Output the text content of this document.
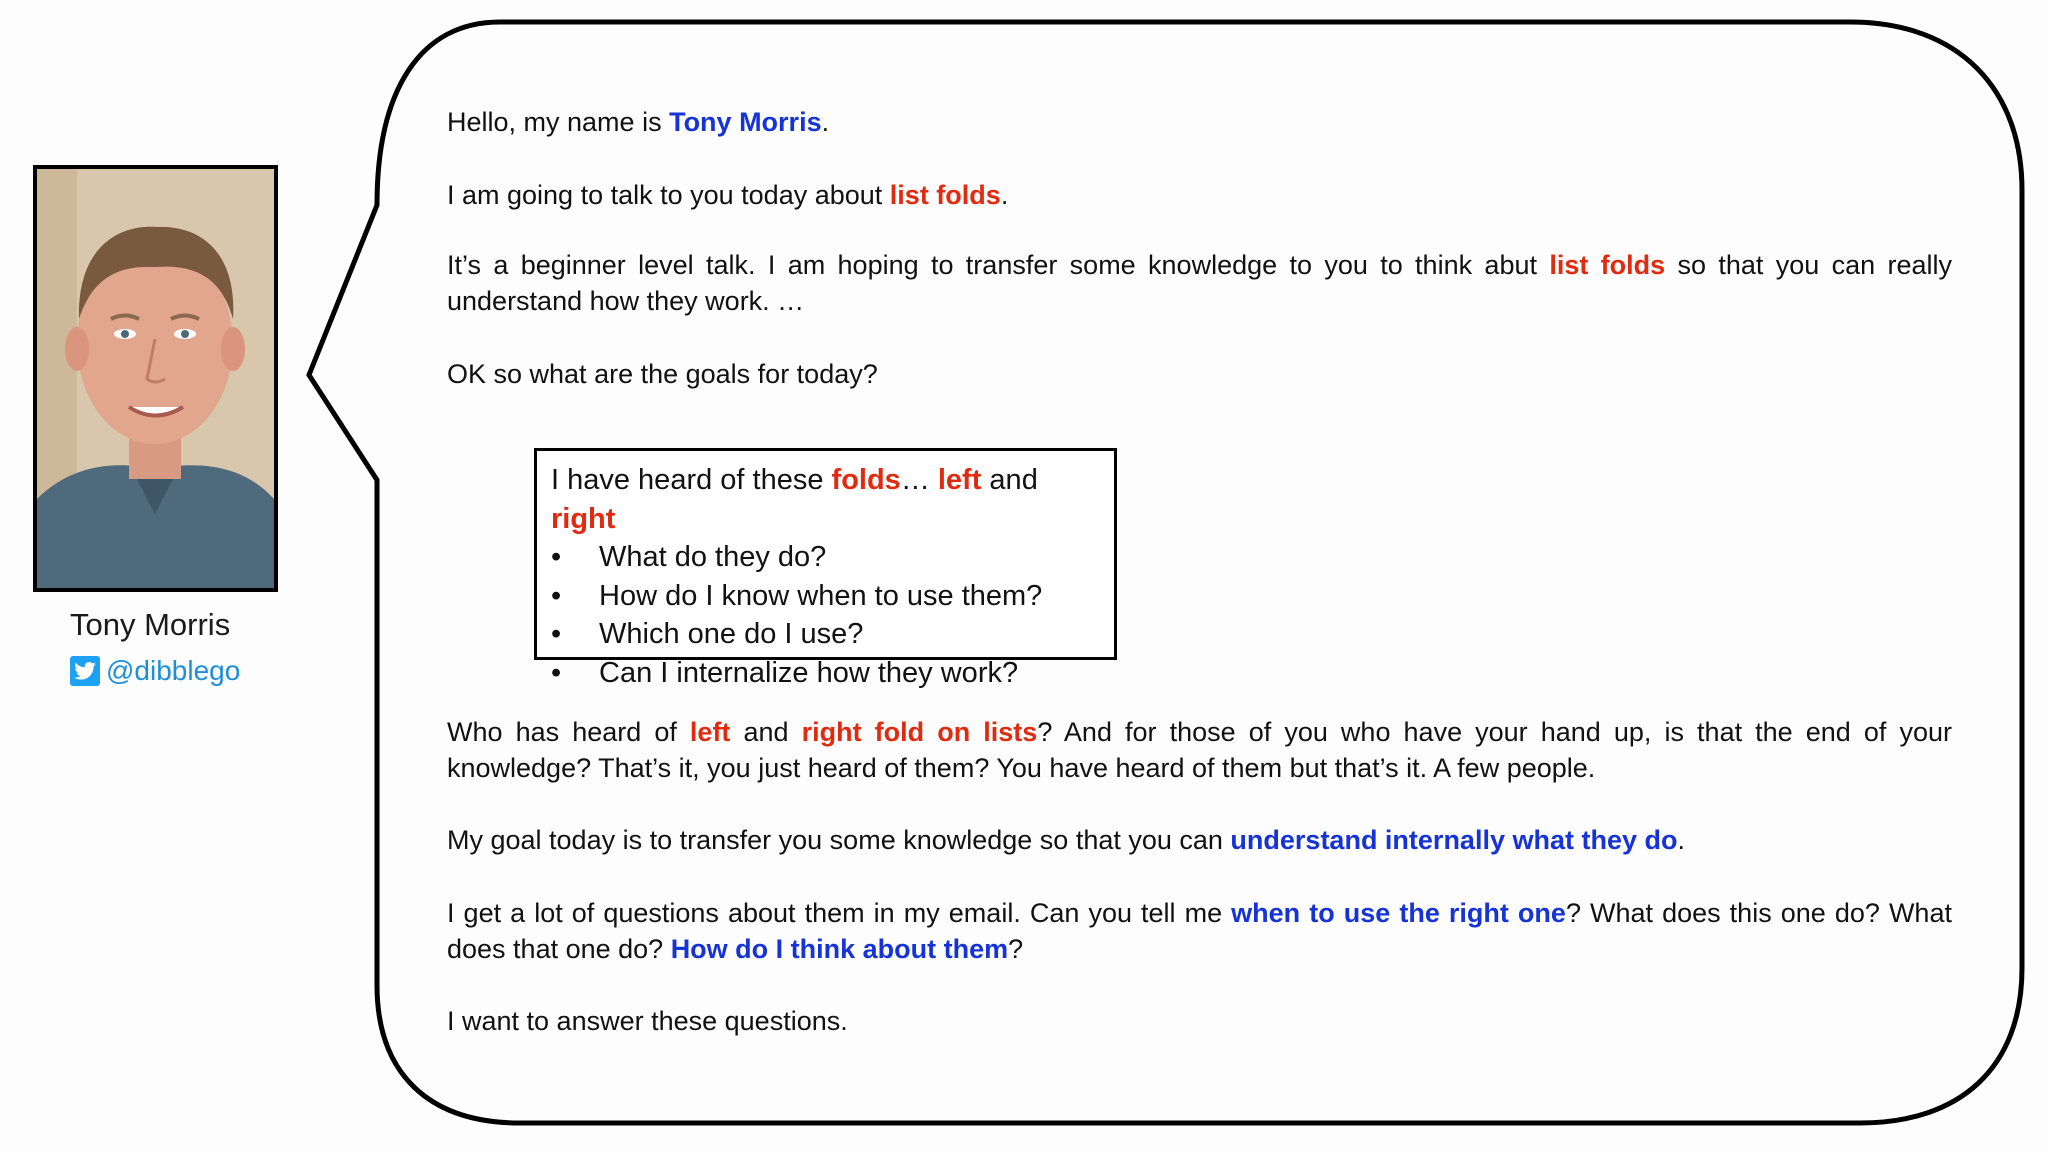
Tony Morris
@dibblego

Hello, my name is Tony Morris.

I am going to talk to you today about list folds.

It’s a beginner level talk. I am hoping to transfer some knowledge to you to think abut list folds so that you can really understand how they work. …

OK so what are the goals for today?

Who has heard of left and right fold on lists? And for those of you who have your hand up, is that the end of your knowledge? That’s it, you just heard of them? You have heard of them but that’s it. A few people.

My goal today is to transfer you some knowledge so that you can understand internally what they do.

I get a lot of questions about them in my email. Can you tell me when to use the right one? What does this one do? What does that one do? How do I think about them?

I want to answer these questions.

I have heard of these folds… left and right
• What do they do?
• How do I know when to use them?
• Which one do I use?
• Can I internalize how they work?
